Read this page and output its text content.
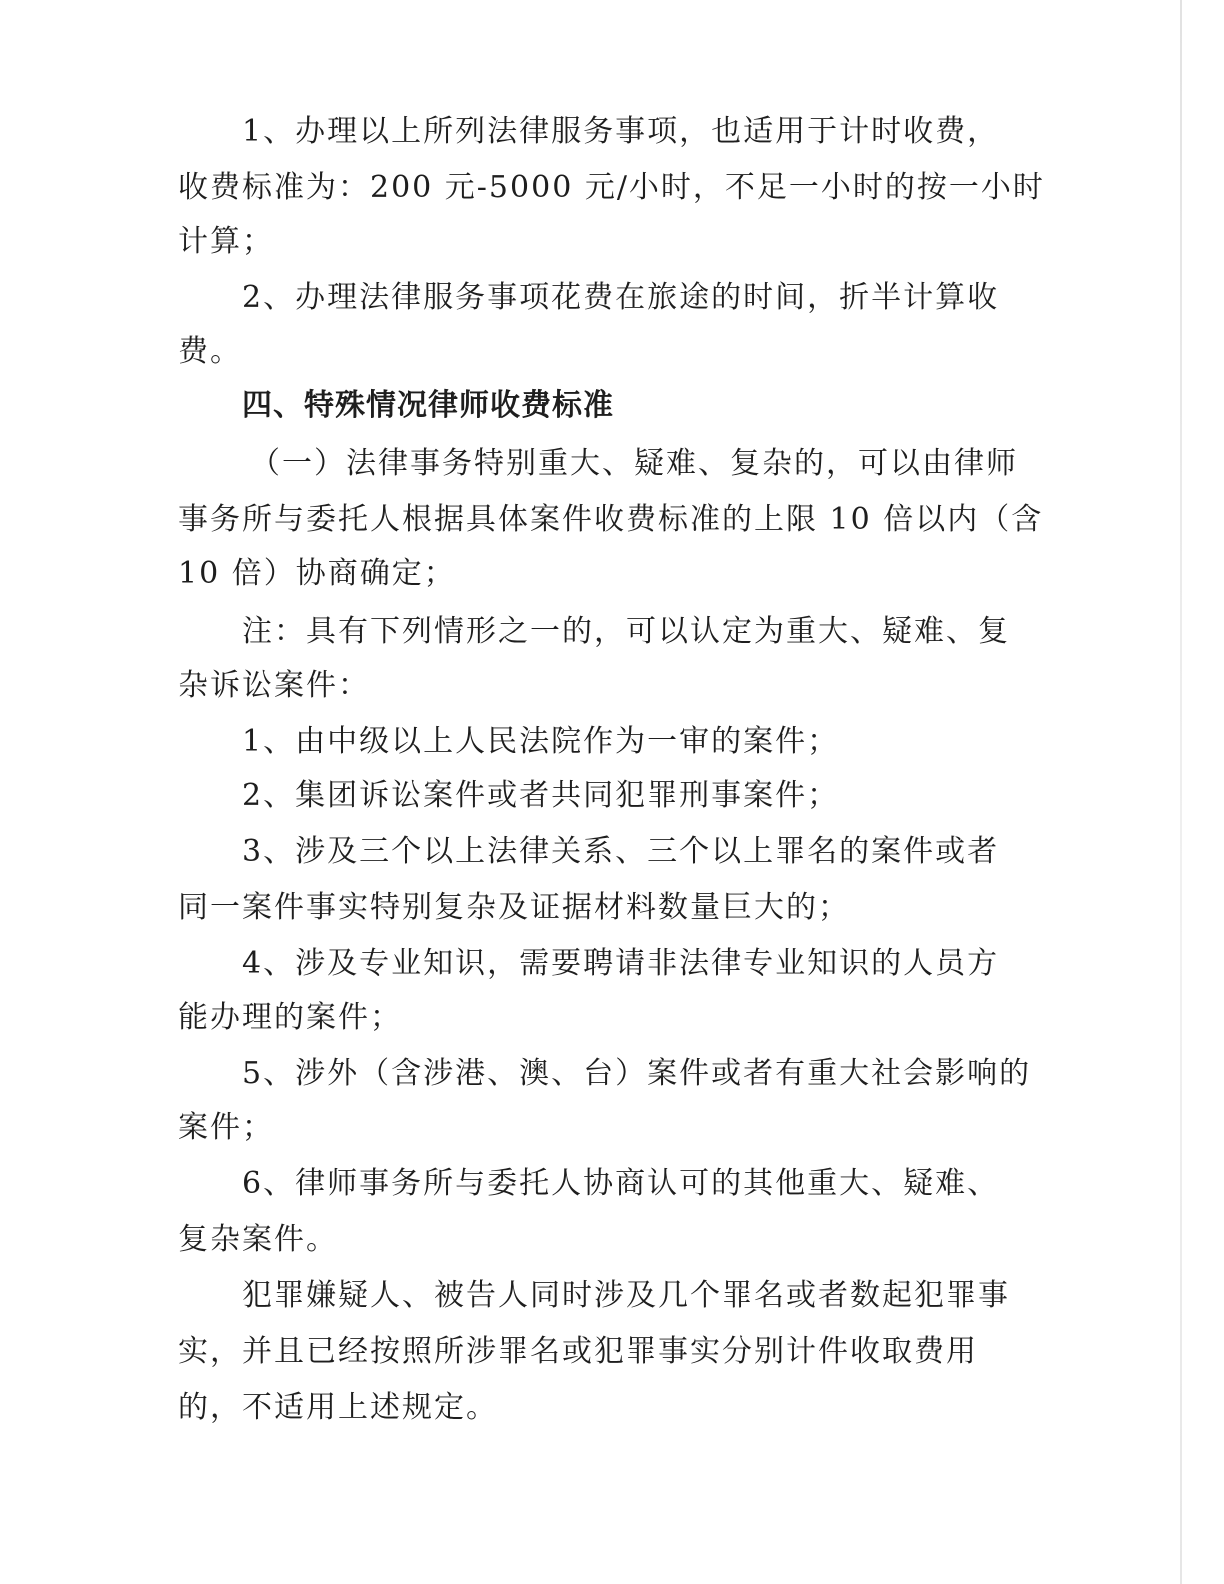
1、办理以上所列法律服务事项，也适用于计时收费，
收费标准为：200 元-5000 元/小时，不足一小时的按一小时
计算；
2、办理法律服务事项花费在旅途的时间，折半计算收
费。
四、特殊情况律师收费标准
（一）法律事务特别重大、疑难、复杂的，可以由律师
事务所与委托人根据具体案件收费标准的上限 10 倍以内（含
10 倍）协商确定；
注：具有下列情形之一的，可以认定为重大、疑难、复
杂诉讼案件：
1、由中级以上人民法院作为一审的案件；
2、集团诉讼案件或者共同犯罪刑事案件；
3、涉及三个以上法律关系、三个以上罪名的案件或者
同一案件事实特别复杂及证据材料数量巨大的；
4、涉及专业知识，需要聘请非法律专业知识的人员方
能办理的案件；
5、涉外（含涉港、澳、台）案件或者有重大社会影响的
案件；
6、律师事务所与委托人协商认可的其他重大、疑难、
复杂案件。
犯罪嫌疑人、被告人同时涉及几个罪名或者数起犯罪事
实，并且已经按照所涉罪名或犯罪事实分别计件收取费用
的，不适用上述规定。
